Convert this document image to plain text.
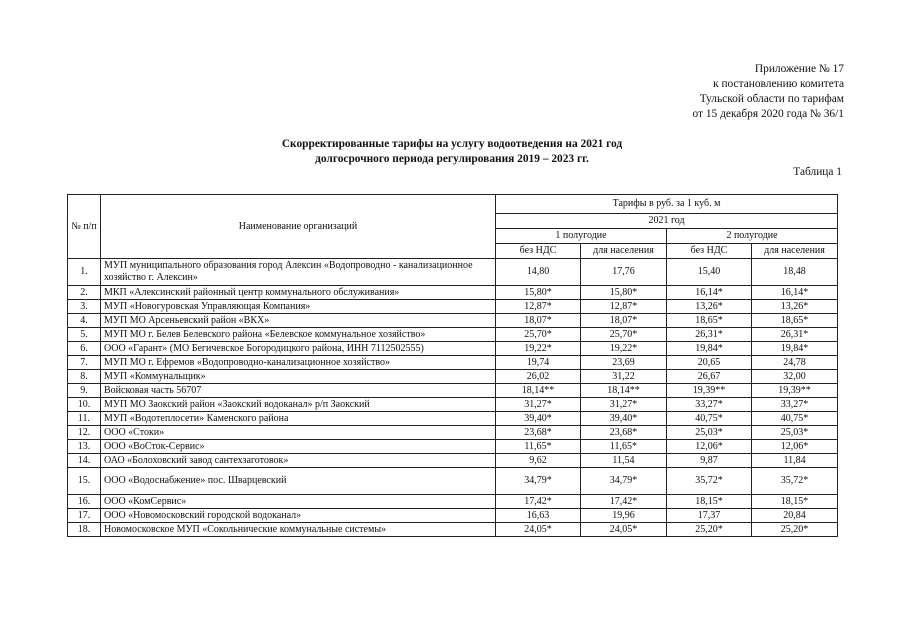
Приложение № 17
к постановлению комитета
Тульской области по тарифам
от 15 декабря 2020 года № 36/1
Скорректированные тарифы на услугу водоотведения на 2021 год
долгосрочного периода регулирования 2019 – 2023 гг.
Таблица 1
№ п/п	Наименование организаций	Тарифы в руб. за 1 куб. м			
		2021 год			
		1 полугодие		2 полугодие	
		без НДС	для населения	без НДС	для населения
1.	МУП муниципального образования город Алексин «Водопроводно - канализационное хозяйство г. Алексин»	14,80	17,76	15,40	18,48
2.	МКП «Алексинский районный центр коммунального обслуживания»	15,80*	15,80*	16,14*	16,14*
3.	МУП «Новогуровская Управляющая Компания»	12,87*	12,87*	13,26*	13,26*
4.	МУП МО Арсеньевский район «ВКХ»	18,07*	18,07*	18,65*	18,65*
5.	МУП МО г. Белев Белевского района «Белевское коммунальное хозяйство»	25,70*	25,70*	26,31*	26,31*
6.	ООО «Гарант» (МО Бегичевское Богородицкого района, ИНН 7112502555)	19,22*	19,22*	19,84*	19,84*
7.	МУП МО г. Ефремов «Водопроводно-канализационное хозяйство»	19,74	23,69	20,65	24,78
8.	МУП «Коммунальщик»	26,02	31,22	26,67	32,00
9.	Войсковая часть 56707	18,14**	18,14**	19,39**	19,39**
10.	МУП МО Заокский район «Заокский водоканал» р/п Заокский	31,27*	31,27*	33,27*	33,27*
11.	МУП «Водотеплосети» Каменского района	39,40*	39,40*	40,75*	40,75*
12.	ООО «Стоки»	23,68*	23,68*	25,03*	25,03*
13.	ООО «ВоСток-Сервис»	11,65*	11,65*	12,06*	12,06*
14.	ОАО «Болоховский завод сантехзаготовок»	9,62	11,54	9,87	11,84
15.	ООО «Водоснабжение» пос. Шварцевский	34,79*	34,79*	35,72*	35,72*
16.	ООО «КомСервис»	17,42*	17,42*	18,15*	18,15*
17.	ООО «Новомосковский городской водоканал»	16,63	19,96	17,37	20,84
18.	Новомосковское МУП «Сокольнические коммунальные системы»	24,05*	24,05*	25,20*	25,20*
